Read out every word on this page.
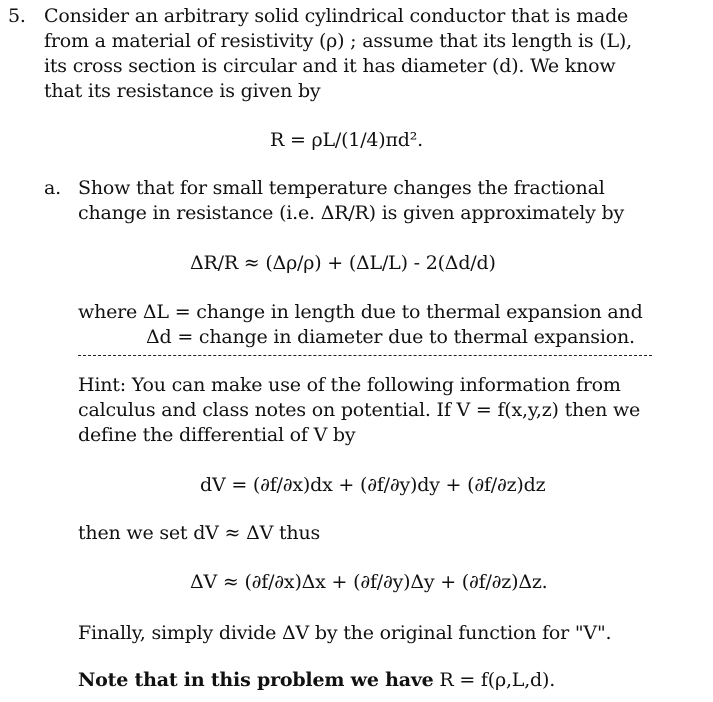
5. Consider an arbitrary solid cylindrical conductor that is made
from a material of resistivity (ρ) ; assume that its length is (L),
its cross section is circular and it has diameter (d). We know
that its resistance is given by
R = ρL/(1/4)πd².
a. Show that for small temperature changes the fractional
change in resistance (i.e. ΔR/R) is given approximately by
ΔR/R ≈ (Δρ/ρ) + (ΔL/L) - 2(Δd/d)
where ΔL = change in length due to thermal expansion and
Δd = change in diameter due to thermal expansion.
Hint: You can make use of the following information from
calculus and class notes on potential. If V = f(x,y,z) then we
define the differential of V by
dV = (∂f/∂x)dx + (∂f/∂y)dy + (∂f/∂z)dz
then we set dV ≈ ΔV thus
ΔV ≈ (∂f/∂x)Δx + (∂f/∂y)Δy + (∂f/∂z)Δz.
Finally, simply divide ΔV by the original function for "V".
Note that in this problem we have R = f(ρ,L,d).
